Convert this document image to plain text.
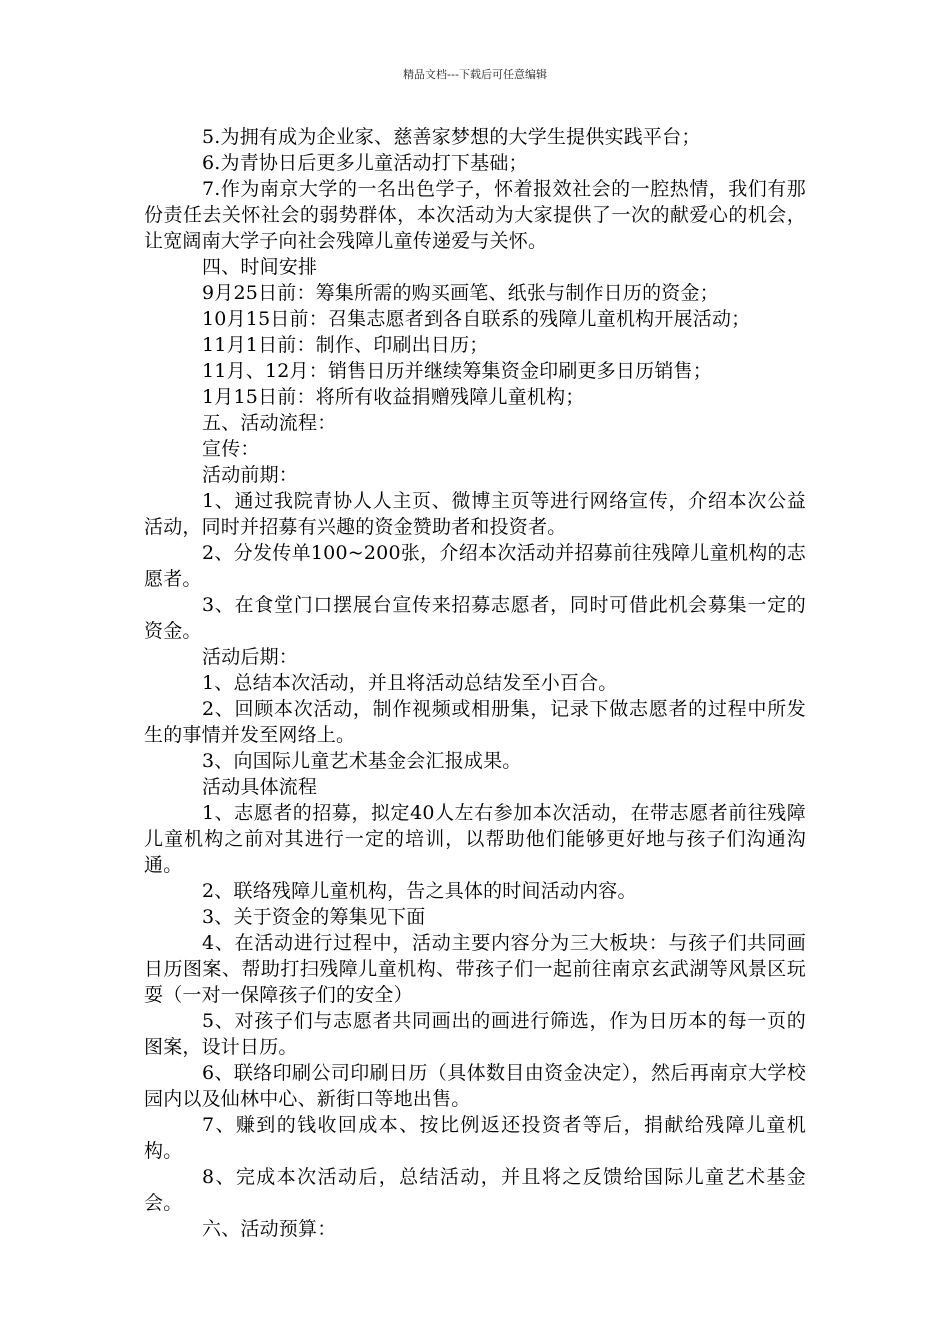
精品文档---下载后可任意编辑

5.为拥有成为企业家、慈善家梦想的大学生提供实践平台；

6.为青协日后更多儿童活动打下基础；

7.作为南京大学的一名出色学子，怀着报效社会的一腔热情，我们有那份责任去关怀社会的弱势群体，本次活动为大家提供了一次的献爱心的机会，让宽阔南大学子向社会残障儿童传递爱与关怀。

四、时间安排

9月25日前：筹集所需的购买画笔、纸张与制作日历的资金；

10月15日前：召集志愿者到各自联系的残障儿童机构开展活动；

11月1日前：制作、印刷出日历；

11月、12月：销售日历并继续筹集资金印刷更多日历销售；

1月15日前：将所有收益捐赠残障儿童机构；

五、活动流程：

宣传：

活动前期：

1、通过我院青协人人主页、微博主页等进行网络宣传，介绍本次公益活动，同时并招募有兴趣的资金赞助者和投资者。

2、分发传单100~200张，介绍本次活动并招募前往残障儿童机构的志愿者。

3、在食堂门口摆展台宣传来招募志愿者，同时可借此机会募集一定的资金。

活动后期：

1、总结本次活动，并且将活动总结发至小百合。

2、回顾本次活动，制作视频或相册集，记录下做志愿者的过程中所发生的事情并发至网络上。

3、向国际儿童艺术基金会汇报成果。

活动具体流程

1、志愿者的招募，拟定40人左右参加本次活动，在带志愿者前往残障儿童机构之前对其进行一定的培训，以帮助他们能够更好地与孩子们沟通沟通。

2、联络残障儿童机构，告之具体的时间活动内容。

3、关于资金的筹集见下面

4、在活动进行过程中，活动主要内容分为三大板块：与孩子们共同画日历图案、帮助打扫残障儿童机构、带孩子们一起前往南京玄武湖等风景区玩耍（一对一保障孩子们的安全）

5、对孩子们与志愿者共同画出的画进行筛选，作为日历本的每一页的图案，设计日历。

6、联络印刷公司印刷日历（具体数目由资金决定），然后再南京大学校园内以及仙林中心、新街口等地出售。

7、赚到的钱收回成本、按比例返还投资者等后，捐献给残障儿童机构。

8、完成本次活动后，总结活动，并且将之反馈给国际儿童艺术基金会。

六、活动预算：
